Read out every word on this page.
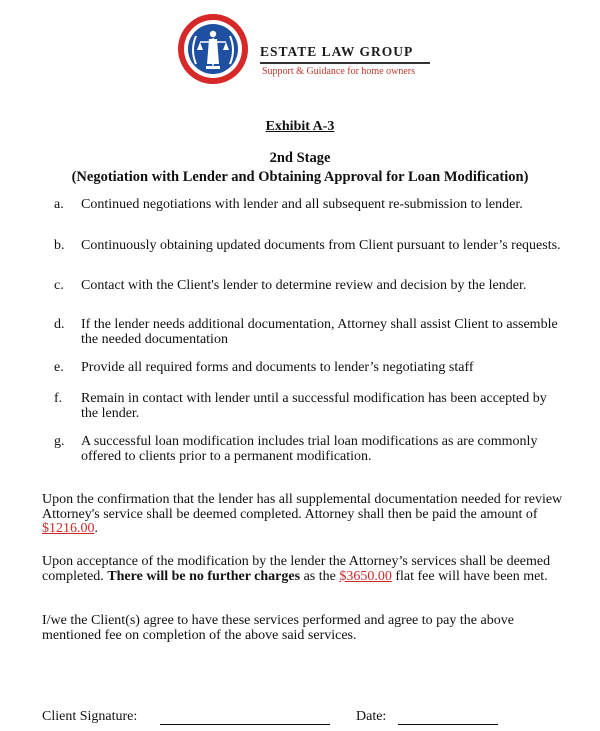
ESTATE LAW GROUP
Support & Guidance for home owners
Exhibit A-3
2nd Stage
(Negotiation with Lender and Obtaining Approval for Loan Modification)
a. Continued negotiations with lender and all subsequent re-submission to lender.
b. Continuously obtaining updated documents from Client pursuant to lender’s requests.
c. Contact with the Client's lender to determine review and decision by the lender.
d. If the lender needs additional documentation, Attorney shall assist Client to assemble the needed documentation
e. Provide all required forms and documents to lender’s negotiating staff
f. Remain in contact with lender until a successful modification has been accepted by the lender.
g. A successful loan modification includes trial loan modifications as are commonly offered to clients prior to a permanent modification.
Upon the confirmation that the lender has all supplemental documentation needed for review Attorney's service shall be deemed completed. Attorney shall then be paid the amount of $1216.00.
Upon acceptance of the modification by the lender the Attorney’s services shall be deemed completed. There will be no further charges as the $3650.00 flat fee will have been met.
I/we the Client(s) agree to have these services performed and agree to pay the above mentioned fee on completion of the above said services.
Client Signature:	Date:
